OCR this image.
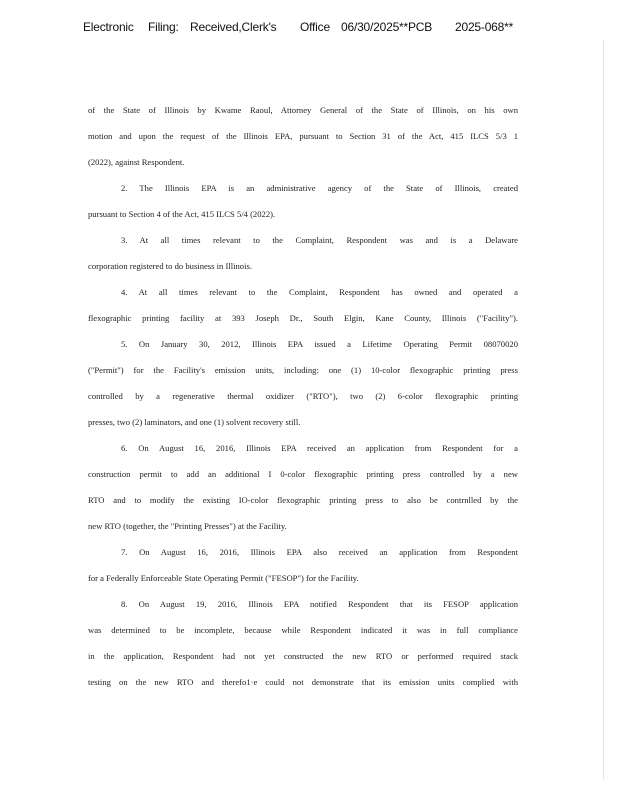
Electronic Filing: Received,Clerk's Office 06/30/2025**PCB 2025-068**
of the State of Illinois by Kwame Raoul, Attorney General of the State of Illinois, on his own
motion and upon the request of the Illinois EPA, pursuant to Section 31 of the Act, 415 ILCS 5/3 1
(2022), against Respondent.
2. The Illinois EPA is an administrative agency of the State of Illinois, created
pursuant to Section 4 of the Act, 415 ILCS 5/4 (2022).
3. At all times relevant to the Complaint, Respondent was and is a Delaware
corporation registered to do business in Illinois.
4. At all times relevant to the Complaint, Respondent has owned and operated a
flexographic printing facility at 393 Joseph Dr., South Elgin, Kane County, Illinois ("Facility").
5. On January 30, 2012, Illinois EPA issued a Lifetime Operating Permit 08070020
("Permit") for the Facility's emission units, including: one (1) 10-color flexographic printing press
controlled by a regenerative thermal oxidizer ("RTO"), two (2) 6-color flexographic printing
presses, two (2) laminators, and one (1) solvent recovery still.
6. On August 16, 2016, Illinois EPA received an application from Respondent for a
construction permit to add an additional I 0-color flexographic printing press controlled by a new
RTO and to modify the existing IO-color flexographic printing press to also be contrnlled by the
new RTO (together, the "Printing Presses") at the Facility.
7. On August 16, 2016, Illinois EPA also received an application from Respondent
for a Federally Enforceable State Operating Permit ("FESOP") for the Facility.
8. On August 19, 2016, Illinois EPA notified Respondent that its FESOP application
was determined to be incomplete, because while Respondent indicated it was in full compliance
in the application, Respondent had not yet constructed the new RTO or performed required stack
testing on the new RTO and therefo1·e could not demonstrate that its emission units complied with
